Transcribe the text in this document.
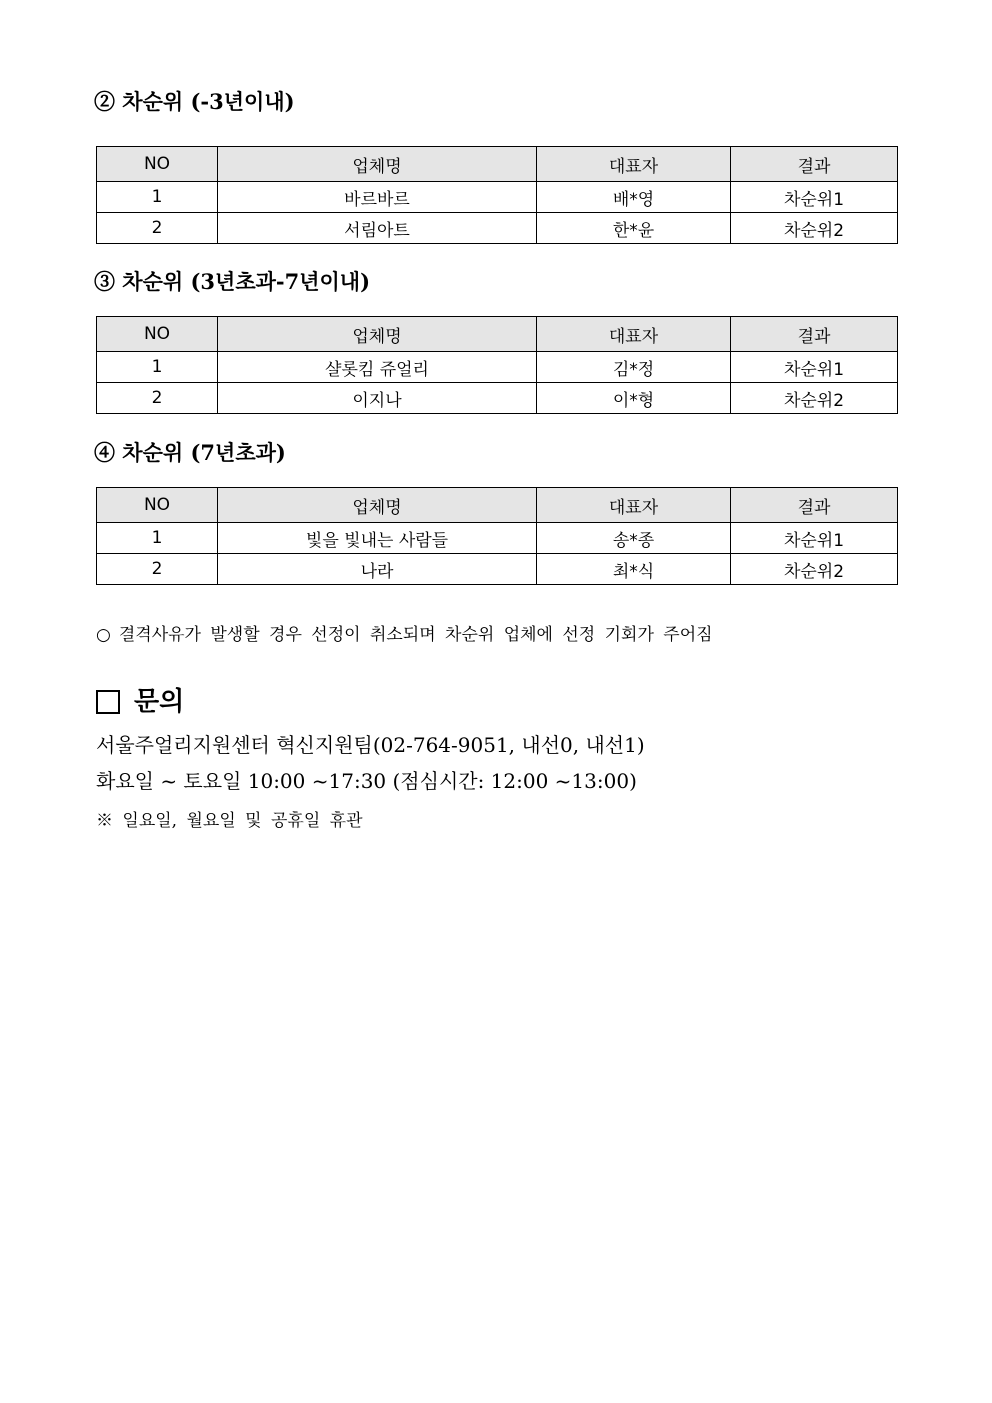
② 차순위 (-3년이내)
NO	업체명	대표자	결과
1	바르바르	배*영	차순위1
2	서림아트	한*윤	차순위2
③ 차순위 (3년초과-7년이내)
NO	업체명	대표자	결과
1	샬롯킴 쥬얼리	김*정	차순위1
2	이지나	이*형	차순위2
④ 차순위 (7년초과)
NO	업체명	대표자	결과
1	빛을 빛내는 사람들	송*종	차순위1
2	나라	최*식	차순위2
○ 결격사유가 발생할 경우 선정이 취소되며 차순위 업체에 선정 기회가 주어짐
문의
서울주얼리지원센터 혁신지원팀(02-764-9051, 내선0, 내선1)
화요일 ~ 토요일 10:00 ~17:30 (점심시간: 12:00 ~13:00)
※ 일요일, 월요일 및 공휴일 휴관
